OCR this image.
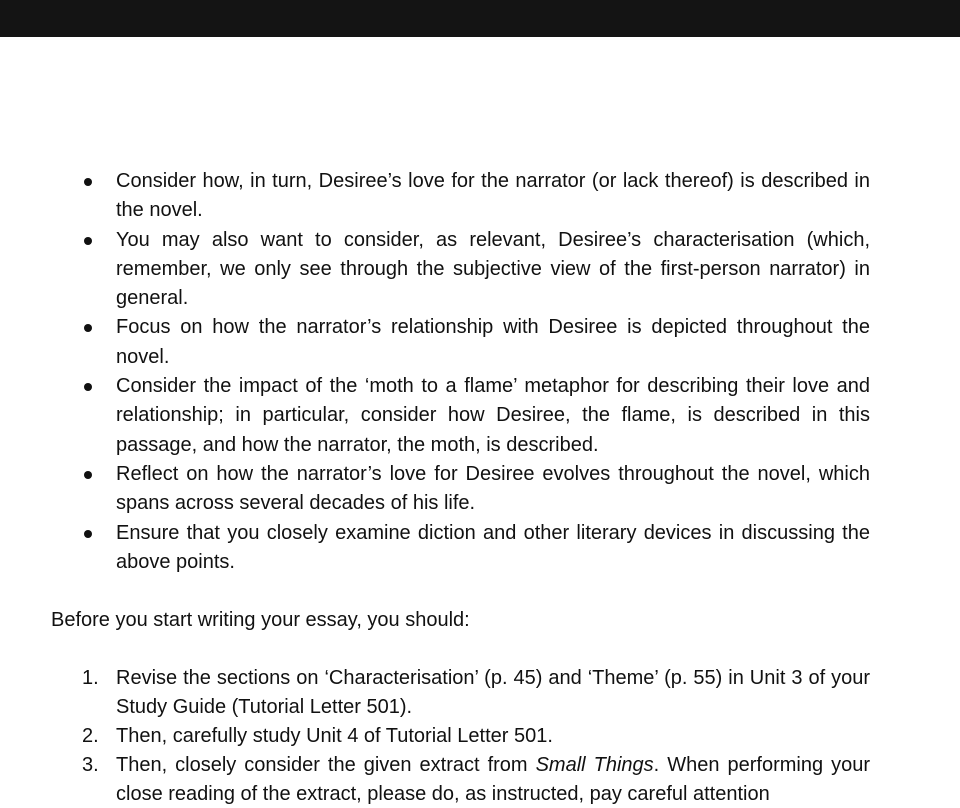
Consider how, in turn, Desiree’s love for the narrator (or lack thereof) is described in the novel.
You may also want to consider, as relevant, Desiree’s characterisation (which, remember, we only see through the subjective view of the first-person narrator) in general.
Focus on how the narrator’s relationship with Desiree is depicted throughout the novel.
Consider the impact of the ‘moth to a flame’ metaphor for describing their love and relationship; in particular, consider how Desiree, the flame, is described in this passage, and how the narrator, the moth, is described.
Reflect on how the narrator’s love for Desiree evolves throughout the novel, which spans across several decades of his life.
Ensure that you closely examine diction and other literary devices in discussing the above points.

Before you start writing your essay, you should:

1. Revise the sections on ‘Characterisation’ (p. 45) and ‘Theme’ (p. 55) in Unit 3 of your Study Guide (Tutorial Letter 501).
2. Then, carefully study Unit 4 of Tutorial Letter 501.
3. Then, closely consider the given extract from Small Things. When performing your close reading of the extract, please do, as instructed, pay careful attention
